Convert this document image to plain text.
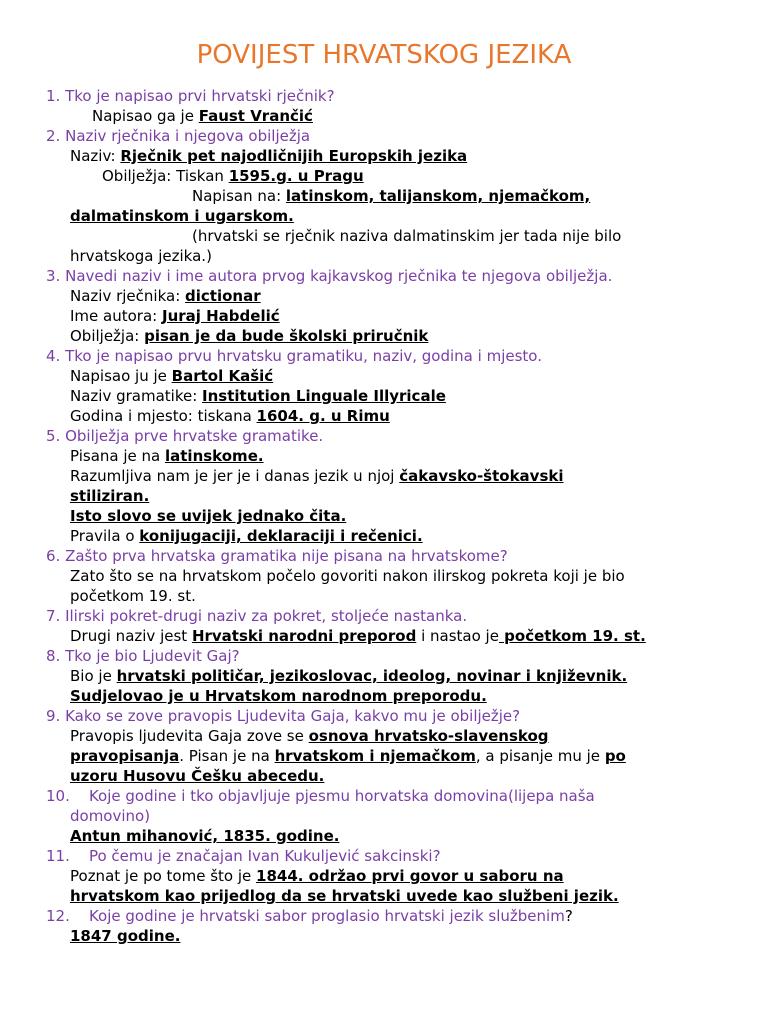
POVIJEST HRVATSKOG JEZIKA
1. Tko je napisao prvi hrvatski rječnik?
Napisao ga je Faust Vrančić
2. Naziv rječnika i njegova obilježja
Naziv: Rječnik pet najodličnijih Europskih jezika
Obilježja: Tiskan 1595.g. u Pragu
Napisan na: latinskom, talijanskom, njemačkom,
dalmatinskom i ugarskom.
(hrvatski se rječnik naziva dalmatinskim jer tada nije bilo
hrvatskoga jezika.)
3. Navedi naziv i ime autora prvog kajkavskog rječnika te njegova obilježja.
Naziv rječnika: dictionar
Ime autora: Juraj Habdelić
Obilježja: pisan je da bude školski priručnik
4. Tko je napisao prvu hrvatsku gramatiku, naziv, godina i mjesto.
Napisao ju je Bartol Kašić
Naziv gramatike: Institution Linguale Illyricale
Godina i mjesto: tiskana 1604. g. u Rimu
5. Obilježja prve hrvatske gramatike.
Pisana je na latinskome.
Razumljiva nam je jer je i danas jezik u njoj čakavsko-štokavski
stiliziran.
Isto slovo se uvijek jednako čita.
Pravila o konijugaciji, deklaraciji i rečenici.
6. Zašto prva hrvatska gramatika nije pisana na hrvatskome?
Zato što se na hrvatskom počelo govoriti nakon ilirskog pokreta koji je bio
početkom 19. st.
7. Ilirski pokret-drugi naziv za pokret, stoljeće nastanka.
Drugi naziv jest Hrvatski narodni preporod i nastao je početkom 19. st.
8. Tko je bio Ljudevit Gaj?
Bio je hrvatski političar, jezikoslovac, ideolog, novinar i književnik.
Sudjelovao je u Hrvatskom narodnom preporodu.
9. Kako se zove pravopis Ljudevita Gaja, kakvo mu je obilježje?
Pravopis ljudevita Gaja zove se osnova hrvatsko-slavenskog
pravopisanja. Pisan je na hrvatskom i njemačkom, a pisanje mu je po
uzoru Husovu Češku abecedu.
10. Koje godine i tko objavljuje pjesmu horvatska domovina(lijepa naša
domovino)
Antun mihanović, 1835. godine.
11. Po čemu je značajan Ivan Kukuljević sakcinski?
Poznat je po tome što je 1844. održao prvi govor u saboru na
hrvatskom kao prijedlog da se hrvatski uvede kao službeni jezik.
12. Koje godine je hrvatski sabor proglasio hrvatski jezik službenim?
1847 godine.
